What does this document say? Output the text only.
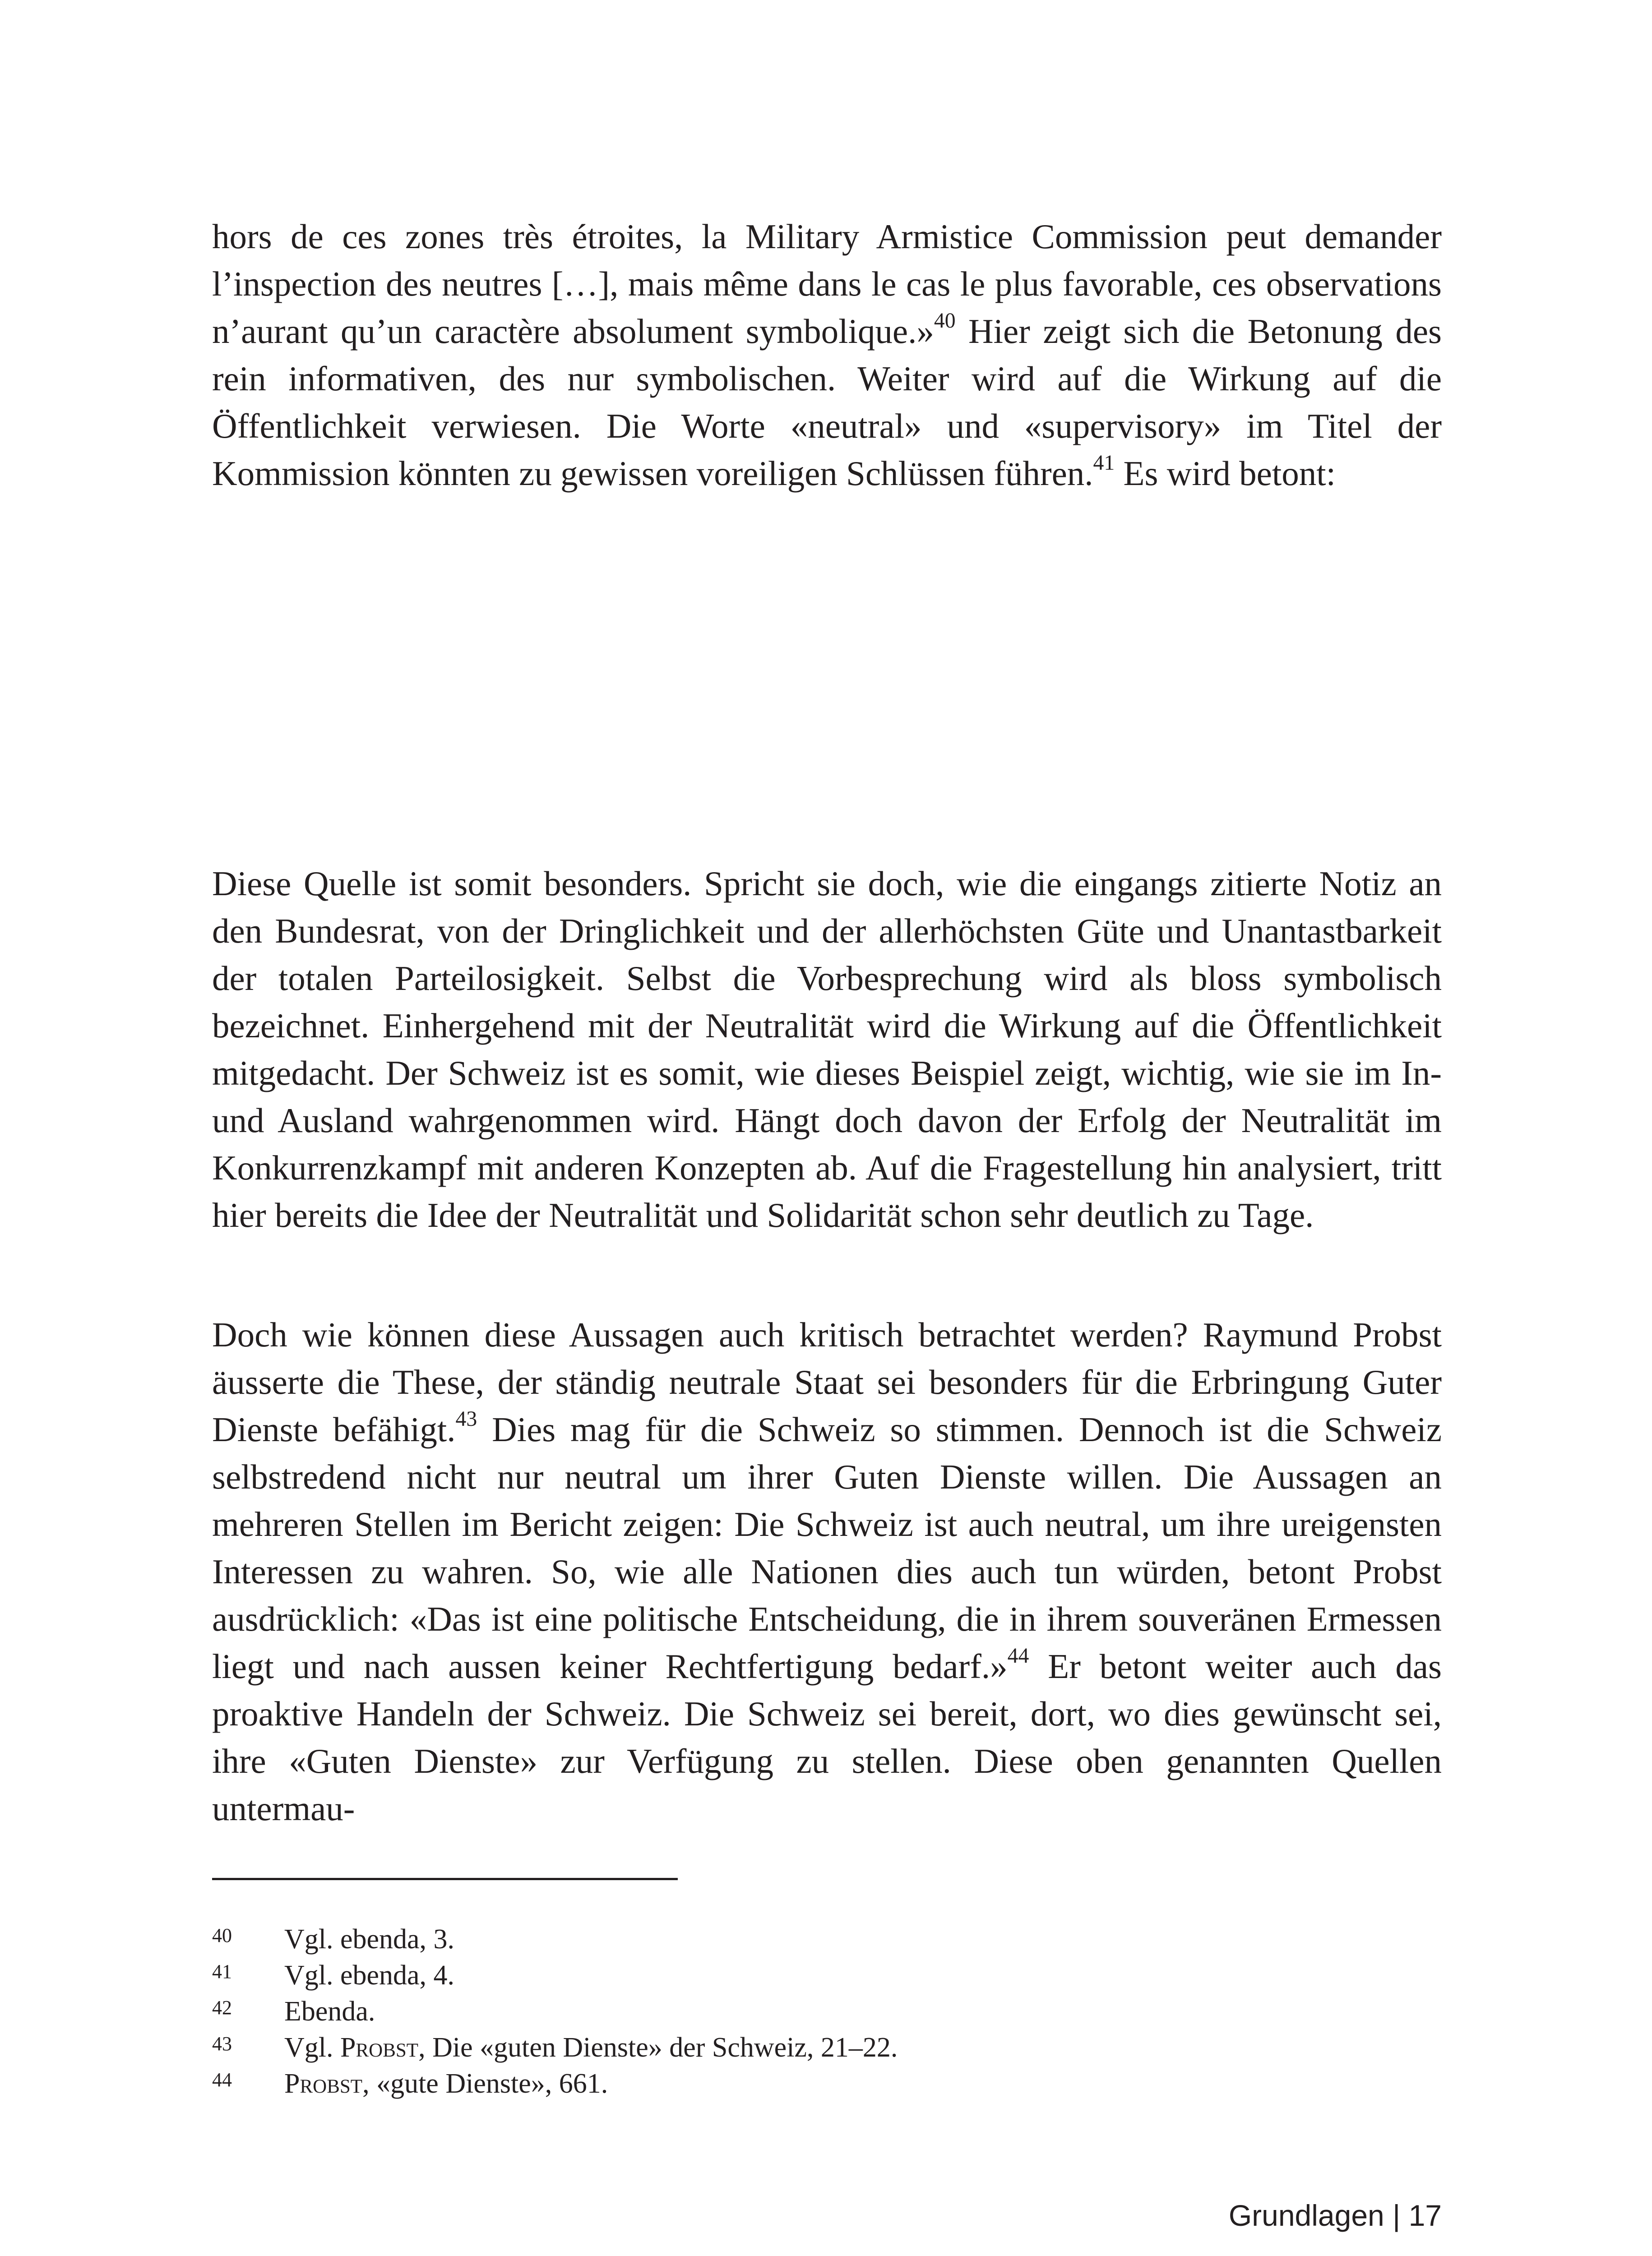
hors de ces zones très étroites, la Military Armistice Commission peut demander l’inspection des neutres […], mais même dans le cas le plus favorable, ces observations n’aurant qu’un caractère absolument symbolique.»$^{40}$ Hier zeigt sich die Betonung des rein informativen, des nur symbolischen. Weiter wird auf die Wirkung auf die Öffentlichkeit verwiesen. Die Worte «neutral» und «supervisory» im Titel der Kommission könnten zu gewissen voreiligen Schlüssen führen.$^{41}$ Es wird betont:

Diese Quelle ist somit besonders. Spricht sie doch, wie die eingangs zitierte Notiz an den Bundesrat, von der Dringlichkeit und der allerhöchsten Güte und Unantastbarkeit der totalen Parteilosigkeit. Selbst die Vorbesprechung wird als bloss symbolisch bezeichnet. Einhergehend mit der Neutralität wird die Wirkung auf die Öffentlichkeit mitgedacht. Der Schweiz ist es somit, wie dieses Beispiel zeigt, wichtig, wie sie im In- und Ausland wahrgenommen wird. Hängt doch davon der Erfolg der Neutralität im Konkurrenzkampf mit anderen Konzepten ab. Auf die Fragestellung hin analysiert, tritt hier bereits die Idee der Neutralität und Solidarität schon sehr deutlich zu Tage.

Doch wie können diese Aussagen auch kritisch betrachtet werden? Raymund Probst äusserte die These, der ständig neutrale Staat sei besonders für die Erbringung Guter Dienste befähigt.$^{43}$ Dies mag für die Schweiz so stimmen. Dennoch ist die Schweiz selbstredend nicht nur neutral um ihrer Guten Dienste willen. Die Aussagen an mehreren Stellen im Bericht zeigen: Die Schweiz ist auch neutral, um ihre ureigensten Interessen zu wahren. So, wie alle Nationen dies auch tun würden, betont Probst ausdrücklich: «Das ist eine politische Entscheidung, die in ihrem souveränen Ermessen liegt und nach aussen keiner Rechtfertigung bedarf.»$^{44}$ Er betont weiter auch das proaktive Handeln der Schweiz. Die Schweiz sei bereit, dort, wo dies gewünscht sei, ihre «Guten Dienste» zur Verfügung zu stellen. Diese oben genannten Quellen untermau-

40	Vgl. ebenda, 3.
41	Vgl. ebenda, 4.
42	Ebenda.
43	Vgl. Probst, Die «guten Dienste» der Schweiz, 21–22.
44	Probst, «gute Dienste», 661.
Grundlagen | 17
